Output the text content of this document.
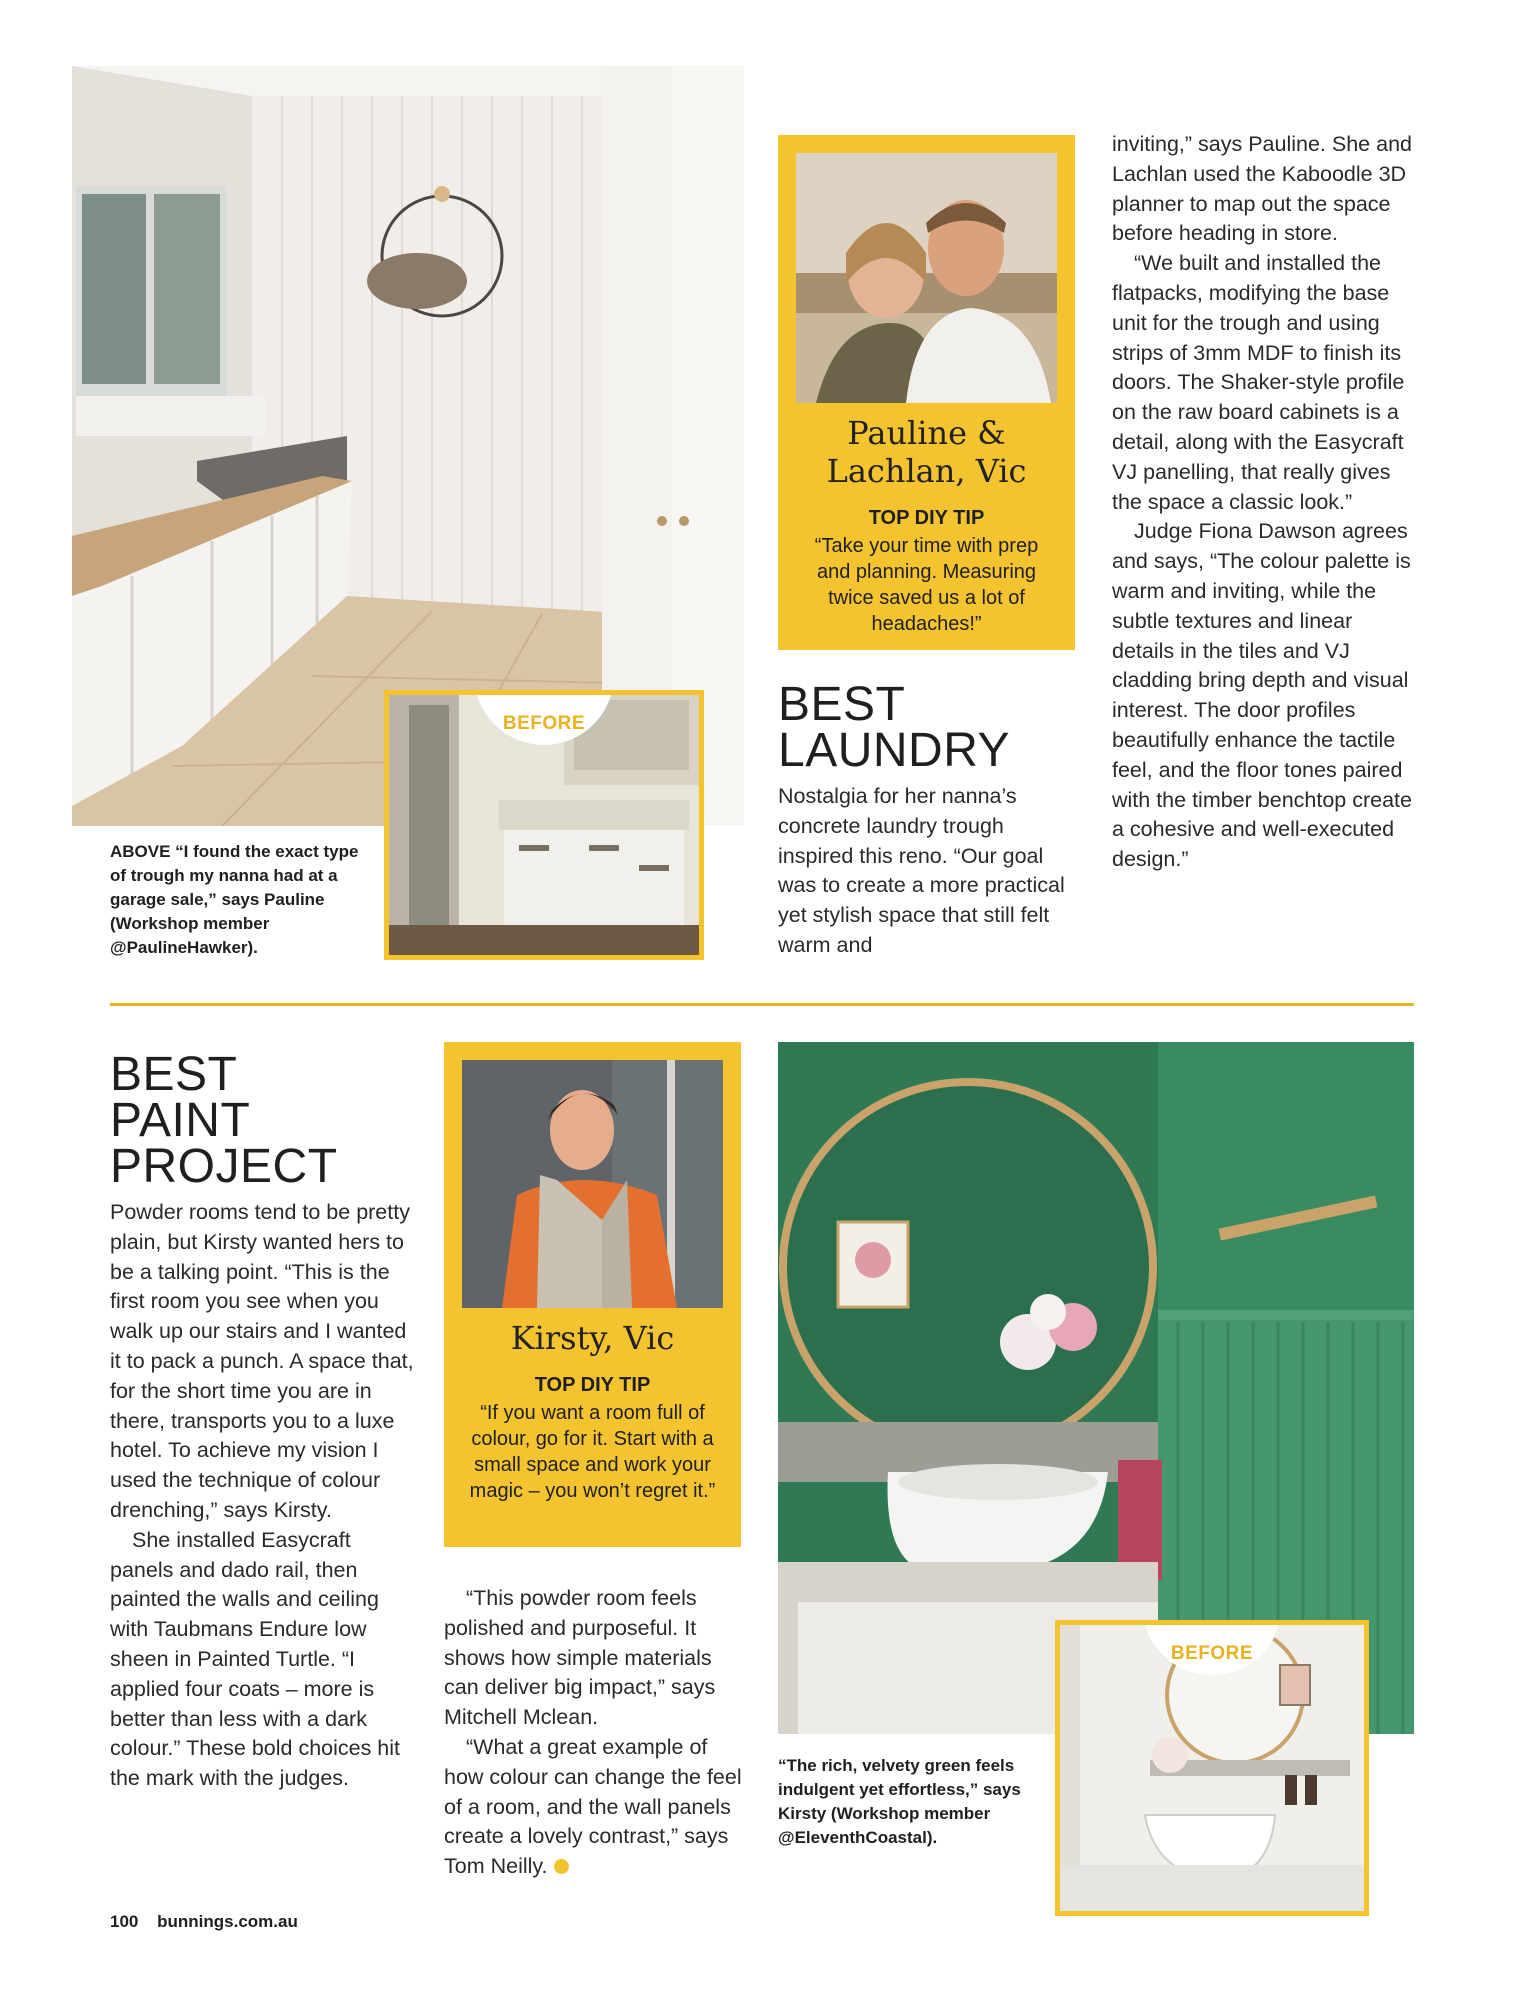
BEFORE
ABOVE “I found the exact type of trough my nanna had at a garage sale,” says Pauline (Workshop member @PaulineHawker).
Pauline &
Lachlan, Vic
TOP DIY TIP
“Take your time with prep and planning. Measuring twice saved us a lot of headaches!”
BEST
LAUNDRY

Nostalgia for her nanna’s concrete laundry trough inspired this reno. “Our goal was to create a more practical yet stylish space that still felt warm and

inviting,” says Pauline. She and Lachlan used the Kaboodle 3D planner to map out the space before heading in store.

“We built and installed the flatpacks, modifying the base unit for the trough and using strips of 3mm MDF to finish its doors. The Shaker-style profile on the raw board cabinets is a detail, along with the Easycraft VJ panelling, that really gives the space a classic look.”

Judge Fiona Dawson agrees and says, “The colour palette is warm and inviting, while the subtle textures and linear details in the tiles and VJ cladding bring depth and visual interest. The door profiles beautifully enhance the tactile feel, and the floor tones paired with the timber benchtop create a cohesive and well-executed design.”

BEST
PAINT
PROJECT

Powder rooms tend to be pretty plain, but Kirsty wanted hers to be a talking point. “This is the first room you see when you walk up our stairs and I wanted it to pack a punch. A space that, for the short time you are in there, transports you to a luxe hotel. To achieve my vision I used the technique of colour drenching,” says Kirsty.

She installed Easycraft panels and dado rail, then painted the walls and ceiling with Taubmans Endure low sheen in Painted Turtle. “I applied four coats – more is better than less with a dark colour.” These bold choices hit the mark with the judges.

Kirsty, Vic
TOP DIY TIP
“If you want a room full of colour, go for it. Start with a small space and work your magic – you won’t regret it.”

“This powder room feels polished and purposeful. It shows how simple materials can deliver big impact,” says Mitchell Mclean.

“What a great example of how colour can change the feel of a room, and the wall panels create a lovely contrast,” says Tom Neilly.

BEFORE
“The rich, velvety green feels indulgent yet effortless,” says Kirsty (Workshop member @EleventhCoastal).
100 bunnings.com.au
